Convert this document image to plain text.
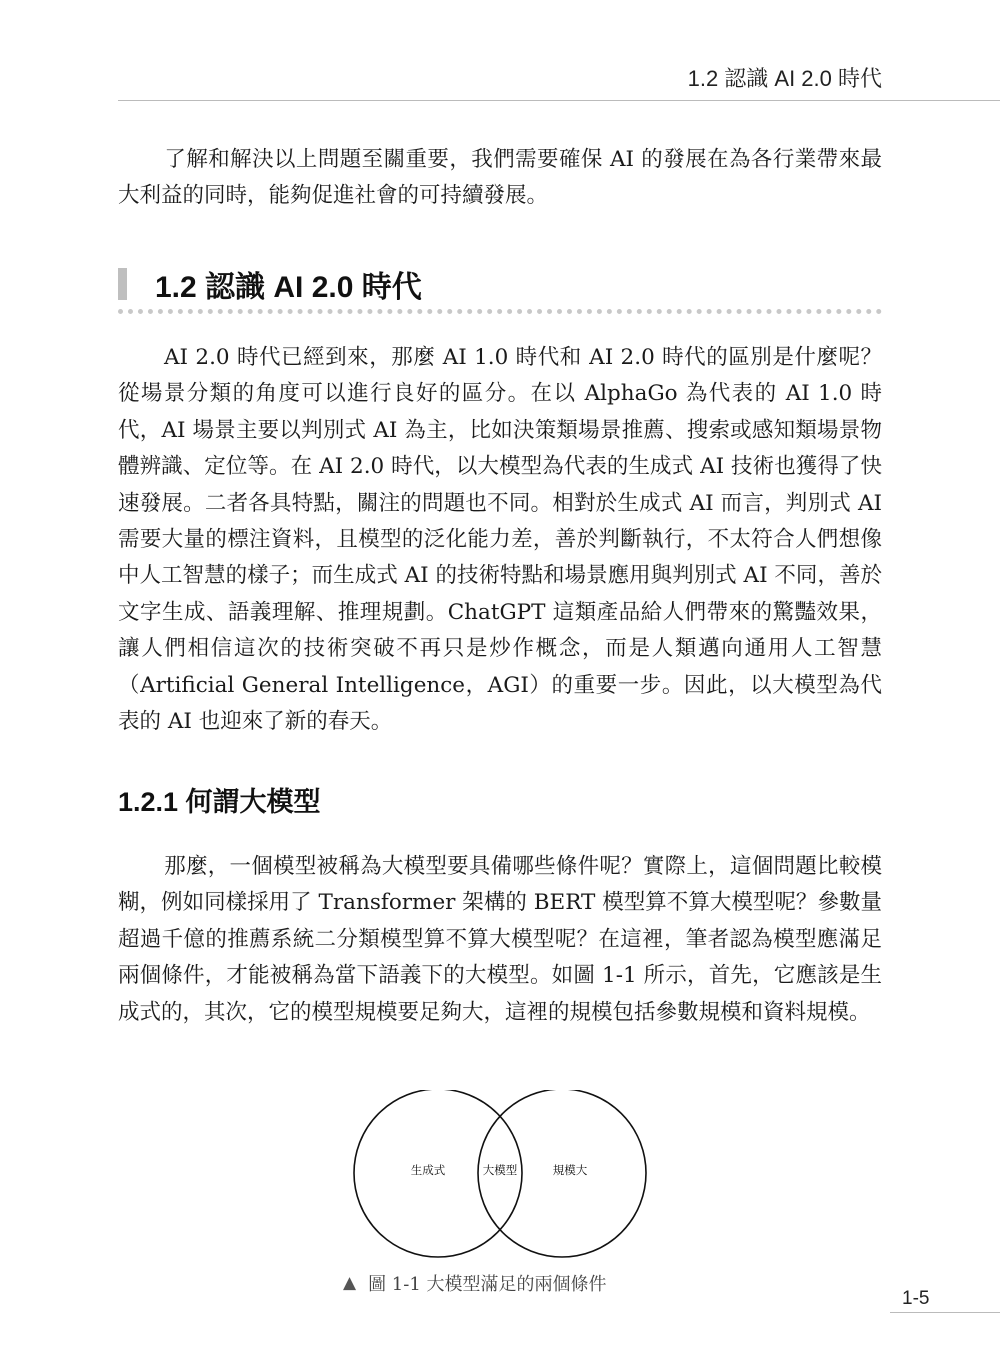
1.2 認識 AI 2.0 時代

了解和解決以上問題至關重要，我們需要確保 AI 的發展在為各行業帶來最大利益的同時，能夠促進社會的可持續發展。

1.2 認識 AI 2.0 時代

AI 2.0 時代已經到來，那麼 AI 1.0 時代和 AI 2.0 時代的區別是什麼呢？從場景分類的角度可以進行良好的區分。在以 AlphaGo 為代表的 AI 1.0 時代，AI 場景主要以判別式 AI 為主，比如決策類場景推薦、搜索或感知類場景物體辨識、定位等。在 AI 2.0 時代，以大模型為代表的生成式 AI 技術也獲得了快速發展。二者各具特點，關注的問題也不同。相對於生成式 AI 而言，判別式 AI 需要大量的標注資料，且模型的泛化能力差，善於判斷執行，不太符合人們想像中人工智慧的樣子；而生成式 AI 的技術特點和場景應用與判別式 AI 不同，善於文字生成、語義理解、推理規劃。ChatGPT 這類產品給人們帶來的驚豔效果，讓人們相信這次的技術突破不再只是炒作概念，而是人類邁向通用人工智慧（Artificial General Intelligence，AGI）的重要一步。因此，以大模型為代表的 AI 也迎來了新的春天。

1.2.1 何謂大模型

那麼，一個模型被稱為大模型要具備哪些條件呢？實際上，這個問題比較模糊，例如同樣採用了 Transformer 架構的 BERT 模型算不算大模型呢？參數量超過千億的推薦系統二分類模型算不算大模型呢？在這裡，筆者認為模型應滿足兩個條件，才能被稱為當下語義下的大模型。如圖 1-1 所示，首先，它應該是生成式的，其次，它的模型規模要足夠大，這裡的規模包括參數規模和資料規模。

生成式	大模型	規模大
▲ 圖 1-1 大模型滿足的兩個條件
1-5
